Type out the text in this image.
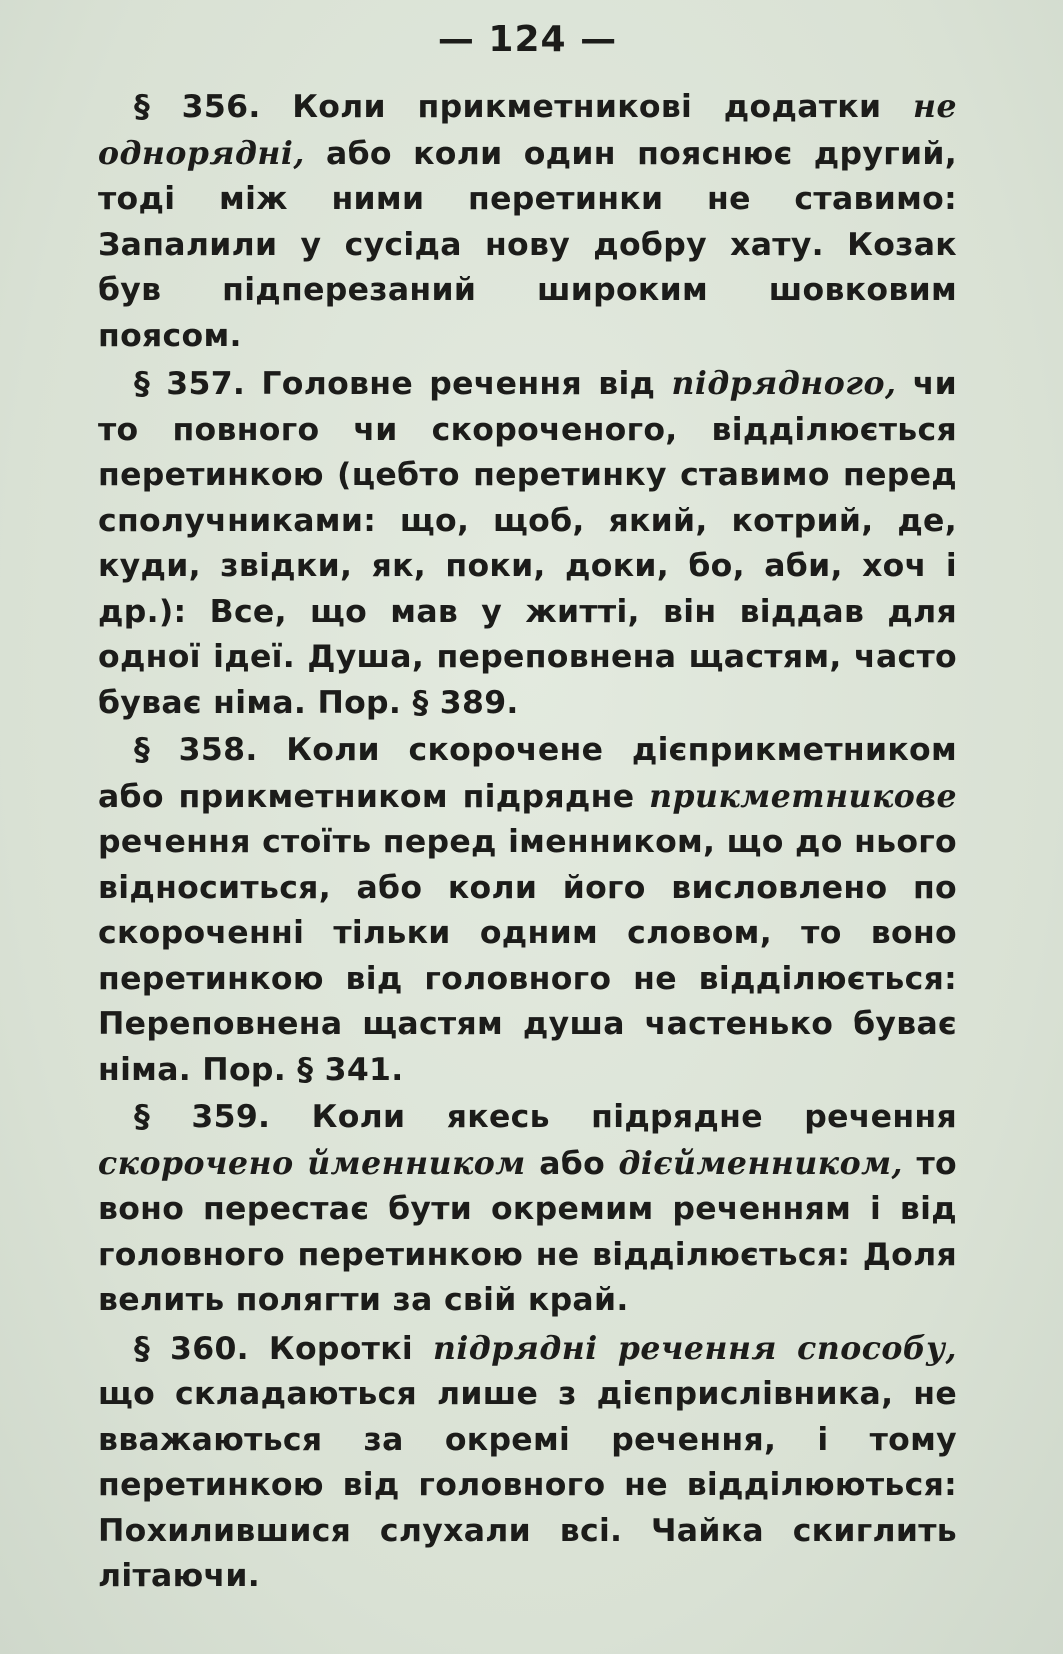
— 124 —
§ 356. Коли прикметникові додатки не однорядні, або коли один пояснює другий, тоді між ними перетинки не ставимо: Запалили у сусіда нову добру хату. Козак був підперезаний широким шовковим поясом.
§ 357. Головне речення від підрядного, чи то повного чи скороченого, відділюється перетинкою (цебто перетинку ставимо перед сполучниками: що, щоб, який, котрий, де, куди, звідки, як, поки, доки, бо, аби, хоч і др.): Все, що мав у житті, він віддав для одної ідеї. Душа, переповнена щастям, часто буває німа. Пор. § 389.
§ 358. Коли скорочене дієприкметником або прикметником підрядне прикметникове речення стоїть перед іменником, що до нього відноситься, або коли його висловлено по скороченні тільки одним словом, то воно перетинкою від головного не відділюється: Переповнена щастям душа частенько буває німа. Пор. § 341.
§ 359. Коли якесь підрядне речення скорочено йменником або дієйменником, то воно перестає бути окремим реченням і від головного перетинкою не відділюється: Доля велить полягти за свій край.
§ 360. Короткі підрядні речення способу, що складаються лише з дієприслівника, не вважаються за окремі речення, і тому перетинкою від головного не відділюються: Похилившися слухали всі. Чайка скиглить літаючи.
